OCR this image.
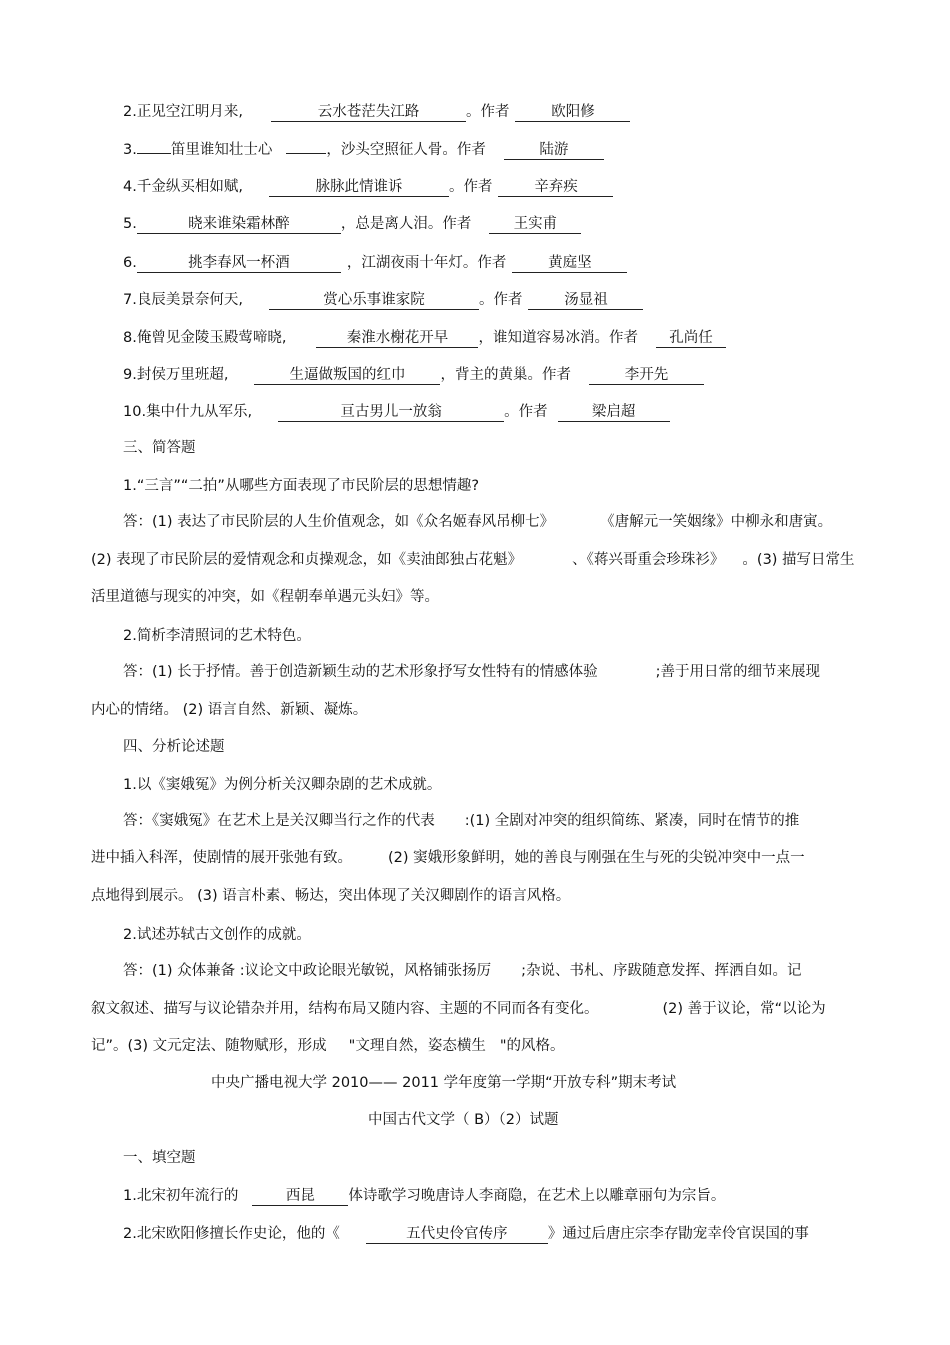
2.正见空江明月来,	云水苍茫失江路	。作者	欧阳修
3. 笛里谁知壮士心	，沙头空照征人骨。作者	陆游
4.千金纵买相如赋,	脉脉此情谁诉	。作者	辛弃疾
5.	晓来谁染霜林醉	，总是离人泪。作者	王实甫
6.	挑李春风一杯酒	，江湖夜雨十年灯。作者	黄庭坚
7.良辰美景奈何天,	赏心乐事谁家院	。作者	汤显祖
8.俺曾见金陵玉殿莺啼晓,	秦淮水榭花开早 ，谁知道容易冰消。作者 孔尚任
9.封侯万里班超,	生逼做叛国的红巾 ，背主的黄巢。作者	李开先
10.集中什九从军乐,	亘古男儿一放翁	。作者	梁启超
三、简答题
1.“三言”“二拍”从哪些方面表现了市民阶层的思想情趣?
答：(1) 表达了市民阶层的人生价值观念，如《众名姬春风吊柳七》	《唐解元一笑姻缘》中柳永和唐寅。
(2) 表现了市民阶层的爱情观念和贞操观念，如《卖油郎独占花魁》	、《蒋兴哥重会珍珠衫》 。(3) 描写日常生
活里道德与现实的冲突，如《程朝奉单遇元头妇》等。
2.简析李清照词的艺术特色。
答：(1) 长于抒情。善于创造新颖生动的艺术形象抒写女性特有的情感体验	;善于用日常的细节来展现
内心的情绪。 (2) 语言自然、新颖、凝炼。
四、分析论述题
1.以《窦娥冤》为例分析关汉卿杂剧的艺术成就。
答：《窦娥冤》在艺术上是关汉卿当行之作的代表 :(1) 全剧对冲突的组织简练、紧凑，同时在情节的推
进中插入科浑，使剧情的展开张弛有致。 (2) 窦娥形象鲜明，她的善良与刚强在生与死的尖锐冲突中一点一
点地得到展示。 (3) 语言朴素、畅达，突出体现了关汉卿剧作的语言风格。
2.试述苏轼古文创作的成就。
答：(1) 众体兼备 :议论文中政论眼光敏锐，风格铺张扬厉 ;杂说、书札、序跋随意发挥、挥洒自如。记
叙文叙述、描写与议论错杂并用，结构布局又随内容、主题的不同而各有变化。	(2) 善于议论，常“以论为
记”。(3) 文元定法、随物赋形，形成 "文理自然，姿态横生 "的风格。
中央广播电视大学 2010—— 2011 学年度第一学期“开放专科”期末考试
中国古代文学（ B）（2）试题
一、填空题
1.北宋初年流行的	西昆 体诗歌学习晚唐诗人李商隐，在艺术上以雕章丽句为宗旨。
2.北宋欧阳修擅长作史论，他的《	五代史伶官传序	》通过后唐庄宗李存勖宠幸伶官误国的事
